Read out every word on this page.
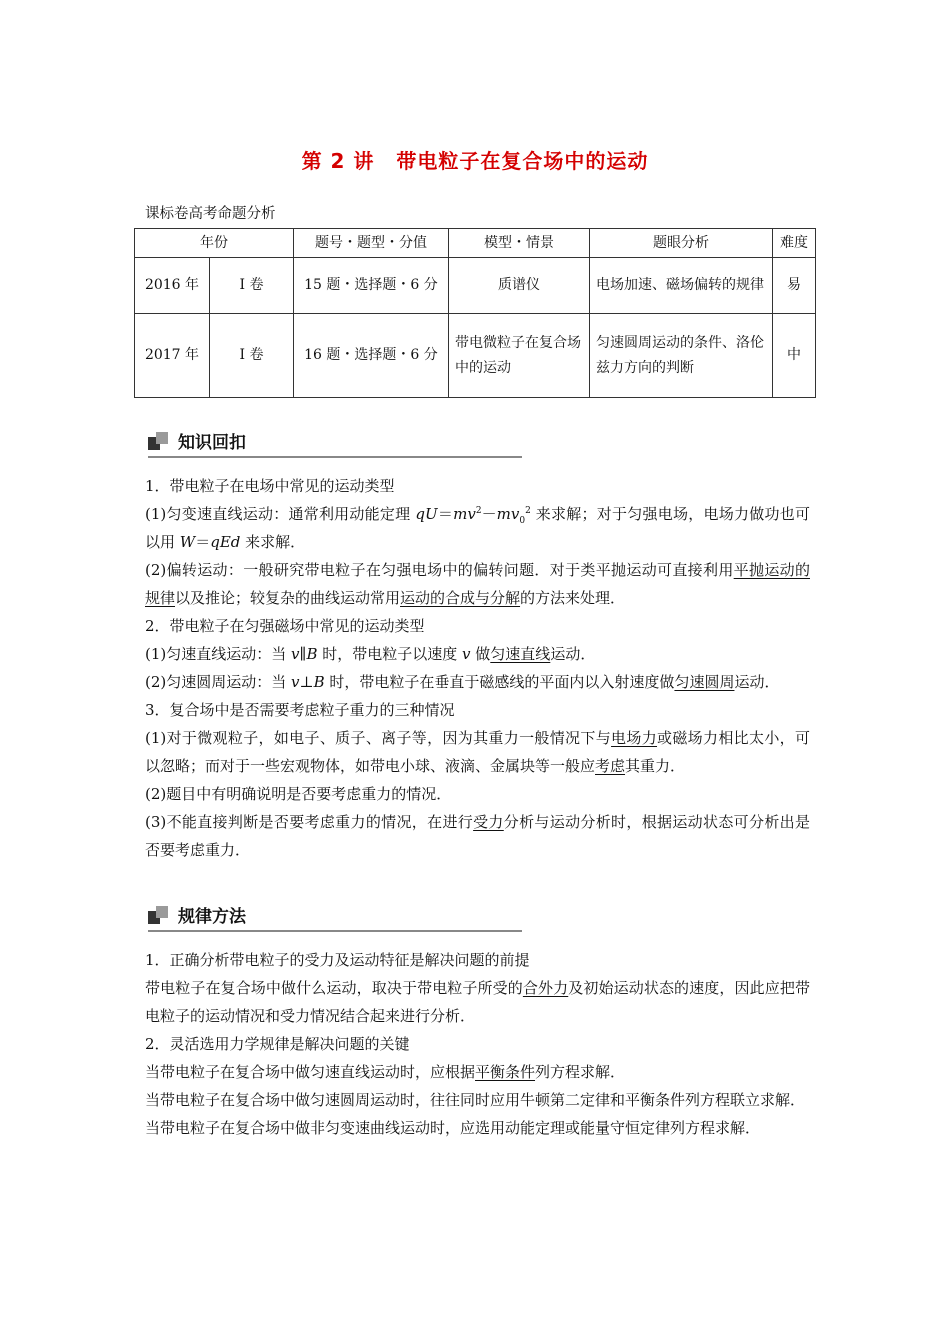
第 2 讲 带电粒子在复合场中的运动
课标卷高考命题分析
年份		题号・题型・分值	模型・情景	题眼分析	难度
2016 年	Ⅰ 卷	15 题・选择题・6 分	质谱仪	电场加速、磁场偏转的规律	易
2017 年	Ⅰ 卷	16 题・选择题・6 分	带电微粒子在复合场中的运动	匀速圆周运动的条件、洛伦兹力方向的判断	中
知识回扣

1．带电粒子在电场中常见的运动类型

(1)匀变速直线运动：通常利用动能定理 $qU=mv^2-mv_0^2$ 来求解；对于匀强电场，电场力做功也可以用 W＝qEd 来求解．

(2)偏转运动：一般研究带电粒子在匀强电场中的偏转问题．对于类平抛运动可直接利用平抛运动的规律以及推论；较复杂的曲线运动常用运动的合成与分解的方法来处理．

2．带电粒子在匀强磁场中常见的运动类型

(1)匀速直线运动：当 v∥B 时，带电粒子以速度 v 做匀速直线运动．

(2)匀速圆周运动：当 v⊥B 时，带电粒子在垂直于磁感线的平面内以入射速度做匀速圆周运动．

3．复合场中是否需要考虑粒子重力的三种情况

(1)对于微观粒子，如电子、质子、离子等，因为其重力一般情况下与电场力或磁场力相比太小，可以忽略；而对于一些宏观物体，如带电小球、液滴、金属块等一般应考虑其重力．

(2)题目中有明确说明是否要考虑重力的情况．

(3)不能直接判断是否要考虑重力的情况，在进行受力分析与运动分析时，根据运动状态可分析出是否要考虑重力．

规律方法

1．正确分析带电粒子的受力及运动特征是解决问题的前提

带电粒子在复合场中做什么运动，取决于带电粒子所受的合外力及初始运动状态的速度，因此应把带电粒子的运动情况和受力情况结合起来进行分析．

2．灵活选用力学规律是解决问题的关键

当带电粒子在复合场中做匀速直线运动时，应根据平衡条件列方程求解．

当带电粒子在复合场中做匀速圆周运动时，往往同时应用牛顿第二定律和平衡条件列方程联立求解．

当带电粒子在复合场中做非匀变速曲线运动时，应选用动能定理或能量守恒定律列方程求解．
